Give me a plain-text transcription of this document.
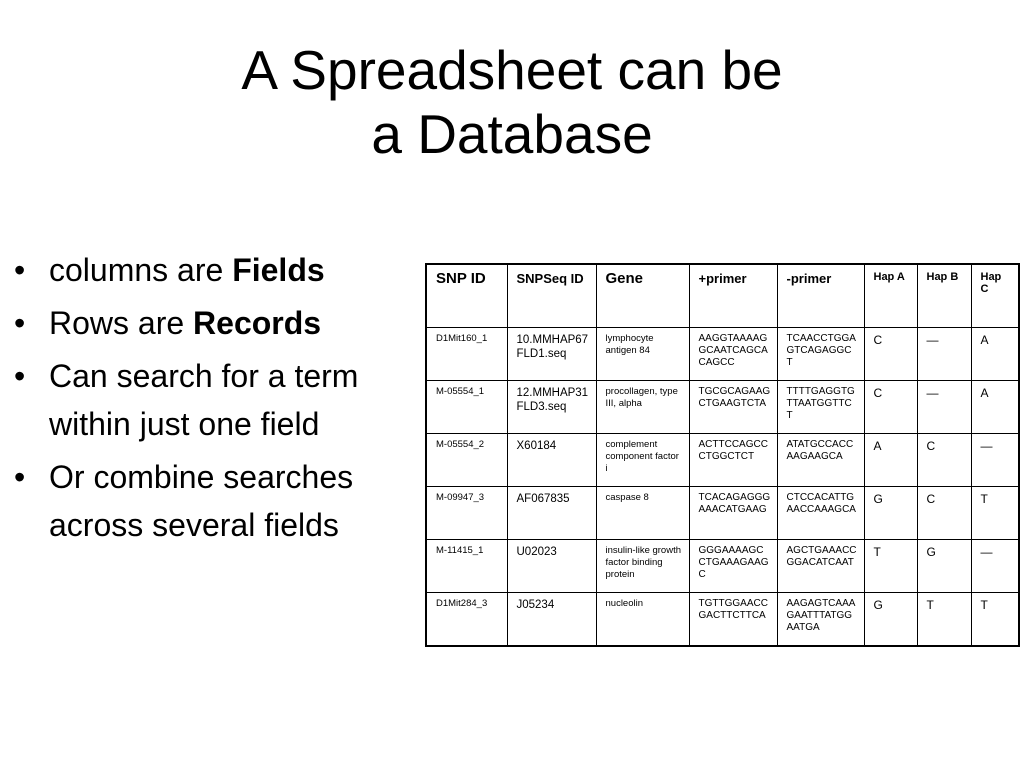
A Spreadsheet can be
a Database
• columns are Fields
• Rows are Records
• Can search for a term within just one field
• Or combine searches across several fields
SNP ID	SNPSeq ID	Gene	+primer	-primer	Hap A	Hap B	Hap C
D1Mit160_1	10.MMHAP67FLD1.seq	lymphocyte antigen 84	AAGGTAAAAGGCAATCAGCACAGCC	TCAACCTGGAGTCAGAGGCT	C	—	A
M-05554_1	12.MMHAP31FLD3.seq	procollagen, type III, alpha	TGCGCAGAAGCTGAAGTCTA	TTTTGAGGTGTTAATGGTTCT	C	—	A
M-05554_2	X60184	complement component factor i	ACTTCCAGCCCTGGCTCT	ATATGCCACCAAGAAGCA	A	C	—
M-09947_3	AF067835	caspase 8	TCACAGAGGGAAACATGAAG	CTCCACATTGAACCAAAGCA	G	C	T
M-11415_1	U02023	insulin-like growth factor binding protein	GGGAAAAGCCTGAAAGAAGC	AGCTGAAACCGGACATCAAT	T	G	—
D1Mit284_3	J05234	nucleolin	TGTTGGAACCGACTTCTTCA	AAGAGTCAAAGAATTTATGGAATGA	G	T	T
